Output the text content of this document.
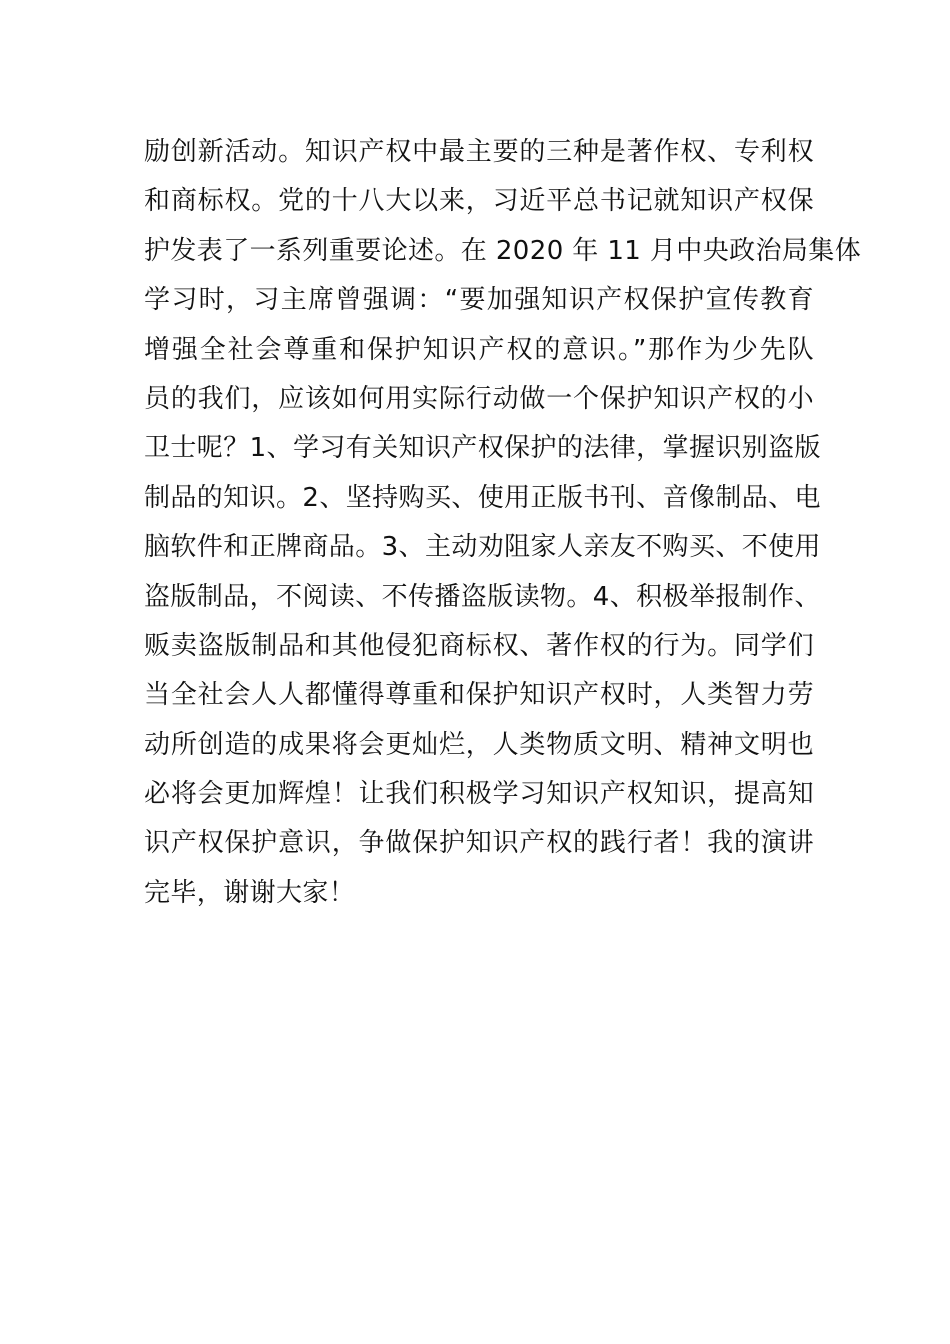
励创新活动。知识产权中最主要的三种是著作权、专利权
和商标权。党的十八大以来，习近平总书记就知识产权保
护发表了一系列重要论述。在 2020 年 11 月中央政治局集体
学习时，习主席曾强调：“要加强知识产权保护宣传教育
增强全社会尊重和保护知识产权的意识。”那作为少先队
员的我们，应该如何用实际行动做一个保护知识产权的小
卫士呢？1、学习有关知识产权保护的法律，掌握识别盗版
制品的知识。2、坚持购买、使用正版书刊、音像制品、电
脑软件和正牌商品。3、主动劝阻家人亲友不购买、不使用
盗版制品，不阅读、不传播盗版读物。4、积极举报制作、
贩卖盗版制品和其他侵犯商标权、著作权的行为。同学们
当全社会人人都懂得尊重和保护知识产权时，人类智力劳
动所创造的成果将会更灿烂，人类物质文明、精神文明也
必将会更加辉煌！让我们积极学习知识产权知识，提高知
识产权保护意识，争做保护知识产权的践行者！我的演讲
完毕，谢谢大家！
